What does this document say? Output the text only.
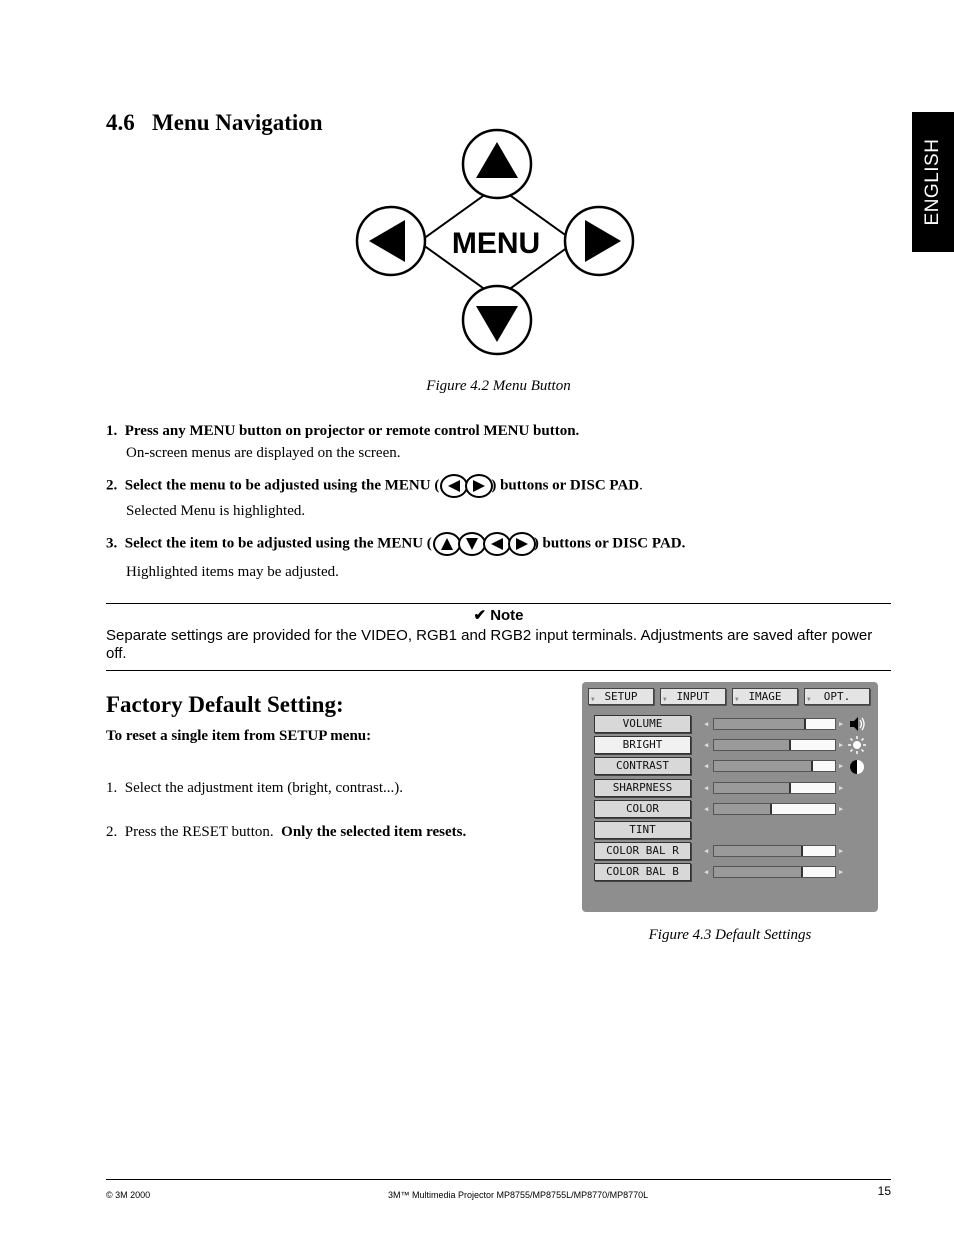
ENGLISH
4.6   Menu Navigation
MENU
Figure 4.2 Menu Button
1.  Press any MENU button on projector or remote control MENU button.
On-screen menus are displayed on the screen.
2.  Select the menu to be adjusted using the MENU (	) buttons or DISC PAD.
Selected Menu is highlighted.
3.  Select the item to be adjusted using the MENU (	) buttons or DISC PAD.
Highlighted items may be adjusted.
✔ Note
Separate settings are provided for the VIDEO, RGB1 and RGB2 input terminals. Adjustments are saved after power off.
Factory Default Setting:
To reset a single item from SETUP menu:
1.  Select the adjustment item (bright, contrast...).
2.  Press the RESET button.  Only the selected item resets.
▼ SETUP	▼ INPUT	▼ IMAGE	▼ OPT.
VOLUME	◀	▶
BRIGHT	◀	▶
CONTRAST	◀	▶
SHARPNESS	◀	▶
COLOR	◀	▶
TINT
COLOR BAL R	◀	▶
COLOR BAL B	◀	▶
Figure 4.3 Default Settings
© 3M 2000	3M™ Multimedia Projector MP8755/MP8755L/MP8770/MP8770L	15
